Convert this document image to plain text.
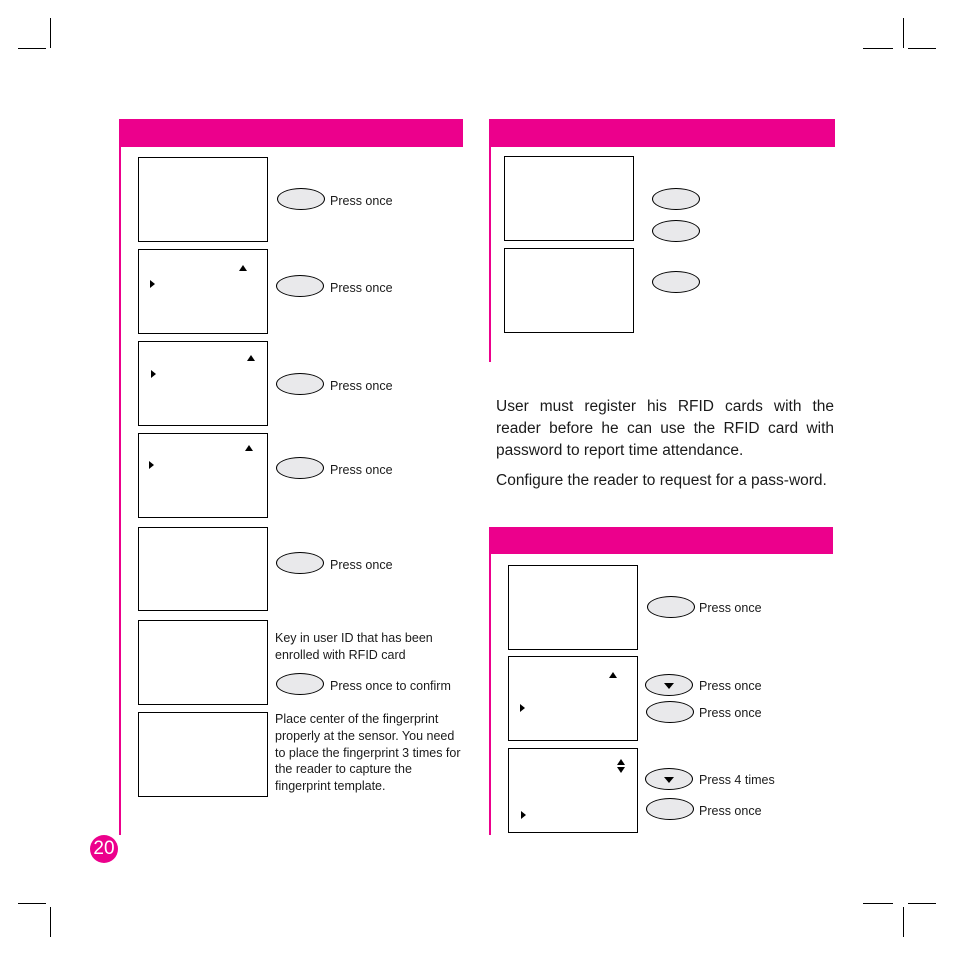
Press once
Press once
Press once
Press once
Press once
Key in user ID that has been enrolled with RFID card
Press once to confirm
Place center of the fingerprint properly at the sensor. You need to place the fingerprint 3 times for the reader to capture the fingerprint template.
User must register his RFID cards with the reader before he can use the RFID card with password to report time attendance.
Configure the reader to request for a pass-word.
Press once
Press once
Press once
Press 4 times
Press once
20
